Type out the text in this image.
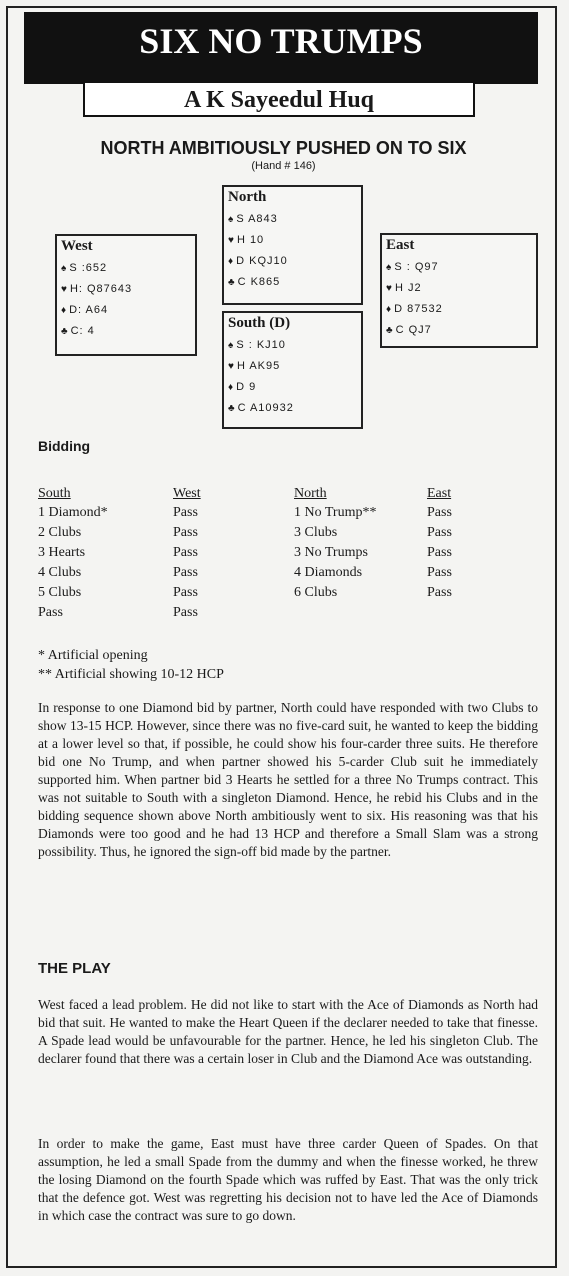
SIX NO TRUMPS
A K Sayeedul Huq
NORTH AMBITIOUSLY PUSHED ON TO SIX
(Hand # 146)
North
♠ S A843
♥ H 10
♦ D KQJ10
♣ C K865
West
♠ S :652
♥ H: Q87643
♦ D: A64
♣ C: 4
East
♠ S : Q97
♥ H J2
♦ D 87532
♣ C QJ7
South (D)
♠ S : KJ10
♥ H AK95
♦ D 9
♣ C A10932
Bidding
South
1 Diamond*
2 Clubs
3 Hearts
4 Clubs
5 Clubs
Pass
West
Pass
Pass
Pass
Pass
Pass
Pass
North
1 No Trump**
3 Clubs
3 No Trumps
4 Diamonds
6 Clubs
East
Pass
Pass
Pass
Pass
Pass
* Artificial opening
** Artificial showing 10-12 HCP
In response to one Diamond bid by partner, North could have responded with two Clubs to show 13-15 HCP. However, since there was no five-card suit, he wanted to keep the bidding at a lower level so that, if possible, he could show his four-carder three suits. He therefore bid one No Trump, and when partner showed his 5-carder Club suit he immediately supported him. When partner bid 3 Hearts he settled for a three No Trumps contract. This was not suitable to South with a singleton Diamond. Hence, he rebid his Clubs and in the bidding sequence shown above North ambitiously went to six. His reasoning was that his Diamonds were too good and he had 13 HCP and therefore a Small Slam was a strong possibility. Thus, he ignored the sign-off bid made by the partner.
THE PLAY
West faced a lead problem. He did not like to start with the Ace of Diamonds as North had bid that suit. He wanted to make the Heart Queen if the declarer needed to take that finesse. A Spade lead would be unfavourable for the partner. Hence, he led his singleton Club. The declarer found that there was a certain loser in Club and the Diamond Ace was outstanding.
In order to make the game, East must have three carder Queen of Spades. On that assumption, he led a small Spade from the dummy and when the finesse worked, he threw the losing Diamond on the fourth Spade which was ruffed by East. That was the only trick that the defence got. West was regretting his decision not to have led the Ace of Diamonds in which case the contract was sure to go down.
